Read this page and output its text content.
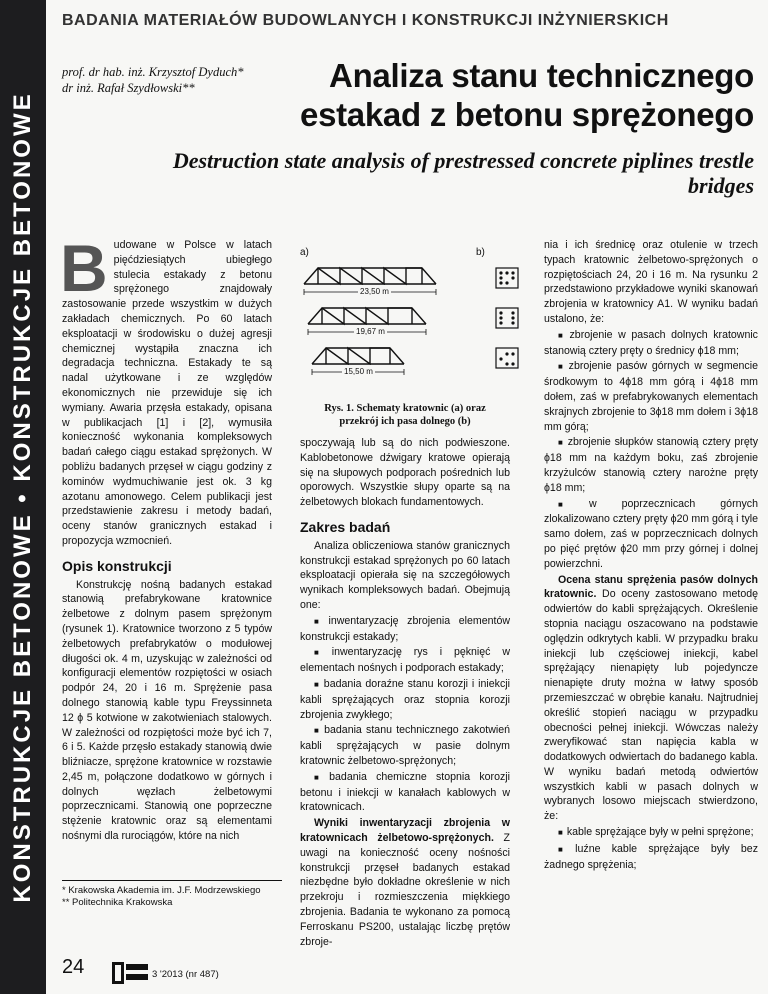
KONSTRUKCJE BETONOWE • KONSTRUKCJE BETONOWE
BADANIA MATERIAŁÓW BUDOWLANYCH I KONSTRUKCJI INŻYNIERSKICH
prof. dr hab. inż. Krzysztof Dyduch*
dr inż. Rafał Szydłowski**	Analiza stanu technicznego estakad z betonu sprężonego
Destruction state analysis of prestressed concrete piplines trestle bridges

Budowane w Polsce w latach pięćdziesiątych ubiegłego stulecia estakady z betonu sprężonego znajdowały zastosowanie przede wszystkim w dużych zakładach chemicznych. Po 60 latach eksploatacji w środowisku o dużej agresji chemicznej wystąpiła znaczna ich degradacja techniczna. Estakady te są nadal użytkowane i ze względów ekonomicznych nie przewiduje się ich wymiany. Awaria przęsła estakady, opisana w publikacjach [1] i [2], wymusiła konieczność wykonania kompleksowych badań całego ciągu estakad sprężonych. W pobliżu badanych przęseł w ciągu godziny z kominów wydmuchiwanie jest ok. 3 kg azotanu amonowego. Celem publikacji jest przedstawienie zakresu i metody badań, oceny stanów granicznych estakad i propozycja wzmocnień.

Opis konstrukcji

Konstrukcję nośną badanych estakad stanowią prefabrykowane kratownice żelbetowe z dolnym pasem sprężonym (rysunek 1). Kratownice tworzono z 5 typów żelbetowych prefabrykatów o modułowej długości ok. 4 m, uzyskując w zależności od konfiguracji elementów rozpiętości w osiach podpór 24, 20 i 16 m. Sprężenie pasa dolnego stanowią kable typu Freyssinneta 12 ϕ 5 kotwione w zakotwieniach stalowych. W zależności od rozpiętości może być ich 7, 6 i 5. Każde przęsło estakady stanowią dwie bliźniacze, sprężone kratownice w rozstawie 2,45 m, połączone dodatkowo w górnych i dolnych węzłach żelbetowymi poprzecznicami. Stanowią one poprzeczne stężenie kratownic oraz są elementami nośnymi dla rurociągów, które na nich

a)	b)
23,50 m
19,67 m
15,50 m
Rys. 1. Schematy kratownic (a) oraz przekrój ich pasa dolnego (b)

spoczywają lub są do nich podwieszone. Kablobetonowe dźwigary kratowe opierają się na słupowych podporach pośrednich lub oporowych. Wszystkie słupy oparte są na żelbetowych blokach fundamentowych.

Zakres badań

Analiza obliczeniowa stanów granicznych konstrukcji estakad sprężonych po 60 latach eksploatacji opierała się na szczegółowych wynikach kompleksowych badań. Obejmują one:

■ inwentaryzację zbrojenia elementów konstrukcji estakady;

■ inwentaryzację rys i pęknięć w elementach nośnych i podporach estakady;

■ badania doraźne stanu korozji i iniekcji kabli sprężających oraz stopnia korozji zbrojenia zwykłego;

■ badania stanu technicznego zakotwień kabli sprężających w pasie dolnym kratownic żelbetowo-sprężonych;

■ badania chemiczne stopnia korozji betonu i iniekcji w kanałach kablowych w kratownicach.

Wyniki inwentaryzacji zbrojenia w kratownicach żelbetowo-sprężonych. Z uwagi na konieczność oceny nośności konstrukcji przęseł badanych estakad niezbędne było dokładne określenie w nich przekroju i rozmieszczenia miękkiego zbrojenia. Badania te wykonano za pomocą Ferroskanu PS200, ustalając liczbę prętów zbroje-

nia i ich średnicę oraz otulenie w trzech typach kratownic żelbetowo-sprężonych o rozpiętościach 24, 20 i 16 m. Na rysunku 2 przedstawiono przykładowe wyniki skanowań zbrojenia w kratownicy A1. W wyniku badań ustalono, że:

■ zbrojenie w pasach dolnych kratownic stanowią cztery pręty o średnicy ϕ18 mm;

■ zbrojenie pasów górnych w segmencie środkowym to 4ϕ18 mm górą i 4ϕ18 mm dołem, zaś w prefabrykowanych elementach skrajnych zbrojenie to 3ϕ18 mm dołem i 3ϕ18 mm górą;

■ zbrojenie słupków stanowią cztery pręty ϕ18 mm na każdym boku, zaś zbrojenie krzyżulców stanowią cztery narożne pręty ϕ18 mm;

■ w poprzecznicach górnych zlokalizowano cztery pręty ϕ20 mm górą i tyle samo dołem, zaś w poprzecznicach dolnych po pięć prętów ϕ20 mm przy górnej i dolnej powierzchni.

Ocena stanu sprężenia pasów dolnych kratownic. Do oceny zastosowano metodę odwiertów do kabli sprężających. Określenie stopnia naciągu oszacowano na podstawie oględzin odkrytych kabli. W przypadku braku iniekcji lub częściowej iniekcji, kabel sprężający nienapięty lub pojedyncze nienapięte druty można w łatwy sposób przemieszczać w obrębie kanału. Najtrudniej określić stopień naciągu w przypadku obecności pełnej iniekcji. Wówczas należy zweryfikować stan napięcia kabla w dodatkowych odwiertach do badanego kabla. W wyniku badań metodą odwiertów wszystkich kabli w pasach dolnych w wybranych losowo miejscach stwierdzono, że:

■ kable sprężające były w pełni sprężone;

■ luźne kable sprężające były bez żadnego sprężenia;

* Krakowska Akademia im. J.F. Modrzewskiego
** Politechnika Krakowska
24	3 '2013 (nr 487)
